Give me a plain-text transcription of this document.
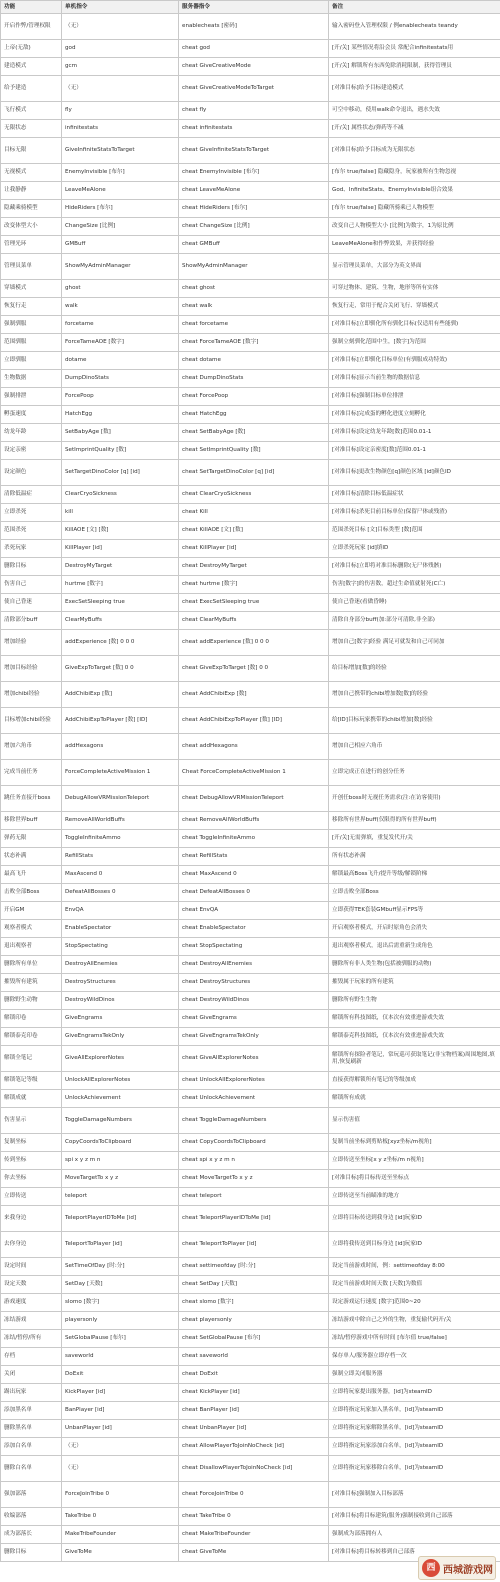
功能	单机指令	服务器指令	备注
开启作弊/管理权限	（无）	enablecheats [密码]	输入密码登入管理权限 / 例enablecheats teandy
上帝(无敌)	god	cheat god	[开/关] 某些情况将沿会员 常配合infinitestats用
建造模式	gcm	cheat GiveCreativeMode	[开/关] 解锁所有东西免除消耗限制，获得管理员
给予建造	（无）	cheat GiveCreativeModeToTarget	[对准目标]给予目标建造模式
飞行模式	fly	cheat fly	可空中移动，使用walk命令退出，遇水失效
无限状态	infinitestats	cheat infinitestats	[开/关] 属性状态/弹药等不减
目标无限	GiveInfiniteStatsToTarget	cheat GiveInfiniteStatsToTarget	[对准目标]给予目标成为无限状态
无视模式	EnemyInvisible [布尔]	cheat EnemyInvisible [布尔]	[布尔 true/false] 隐藏隐身，玩家被所有生物忽视
让我静静	LeaveMeAlone	cheat LeaveMeAlone	God、InfiniteStats、EnemyInvisible组合效果
隐藏乘骑模型	HideRiders [布尔]	cheat HideRiders [布尔]	[布尔 true/false] 隐藏所骑乘已人物模型
改变体型大小	ChangeSize [比例]	cheat ChangeSize [比例]	改变自己人物模型大小 [比例]为数字，1为原比例
管理光环	GMBuff	cheat GMBuff	LeaveMeAlone和作弊效果，并获得经验
管理员菜单	ShowMyAdminManager	ShowMyAdminManager	显示管理员菜单，大部分为英文界面
穿墙模式	ghost	cheat ghost	可穿过物体、建筑、生物，地形等所有实体
恢复行走	walk	cheat walk	恢复行走，常用于配合关闭飞行、穿墙模式
强制驯服	forcetame	cheat forcetame	[对准目标]立即驯化所有驯化目标(仅适用有些能驯)
范围驯服	ForceTameAOE [数字]	cheat ForceTameAOE [数字]	强制立刻驯化范围中生，[数字]为范围
立即驯服	dotame	cheat dotame	[对准目标]立即驯化目标单位(有驯服成功特效)
生物数据	DumpDinoStats	cheat DumpDinoStats	[对准目标]显示当前生物的数据信息
强制排泄	ForcePoop	cheat ForcePoop	[对准目标]强制目标单位排泄
孵蛋速度	HatchEgg	cheat HatchEgg	[对准目标]完成蛋的孵化进度立刻孵化
幼龙年龄	SetBabyAge [数]	cheat SetBabyAge [数]	[对准目标]设定幼龙年龄[数]范围0.01-1
设定亲密	SetImprintQuality [数]	cheat SetImprintQuality [数]	[对准目标]设定亲密度[数]范围0.01-1
设定颜色	SetTargetDinoColor [q] [id]	cheat SetTargetDinoColor [q] [id]	[对准目标]更改生物颜色[q]颜色区域 [id]颜色ID
清除低温症	ClearCryoSickness	cheat ClearCryoSickness	[对准目标]清除目标低温症状
立即杀死	kill	cheat Kill	[对准目标]杀死目前目标单位(保留尸体或残渣)
范围杀死	KillAOE [文] [数]	cheat KillAOE [文] [数]	范围杀死目标 [文]目标类型 [数]范围
杀死玩家	KillPlayer [id]	cheat KillPlayer [id]	立即杀死玩家 [id]填ID
删除目标	DestroyMyTarget	cheat DestroyMyTarget	[对准目标]立即将对准目标删除(无尸体残骸)
伤害自己	hurtme [数字]	cheat hurtme [数字]	伤害[数字]的伤害数，超过生命值就射死(C亡)
使自己昏迷	ExecSetSleeping true	cheat ExecSetSleeping true	使自己昏迷(看做昏睡)
清除部分buff	ClearMyBuffs	cheat ClearMyBuffs	清除自身部分buff(加:部分可清除,非全部)
增加经验	addExperience [数] 0 0 0	cheat addExperience [数] 0 0 0	增加自己[数字]经验 满足可就发和自己可同加
增加目标经验	GiveExpToTarget [数] 0 0	cheat GiveExpToTarget [数] 0 0	给目标增加[数]的经验
增加chibi经验	AddChibiExp [数]	cheat AddChibiExp [数]	增加自己携带的chibi增加数[数]的经验
目标增加chibi经验	AddChibiExpToPlayer [数] [ID]	cheat AddChibiExpToPlayer [数] [ID]	给[ID]目标玩家携带的chibi增加[数]经验
增加六角币	addHexagons	cheat addHexagons	增加自己相应六角币
完成当前任务	ForceCompleteActiveMission 1	Cheat ForceCompleteActiveMission 1	立即完成正在进行的创分任务
跳任务直接开boss	DebugAllowVRMissionTeleport	cheat DebugAllowVRMissionTeleport	开创任boss时无视任务需求(注:在访客使用)
移除世界buff	RemoveAllWorldBuffs	cheat RemoveAllWorldBuffs	移除所有世界buff(仅限得的所有世界buff)
弹药无限	ToggleInfiniteAmmo	cheat ToggleInfiniteAmmo	[开/关]无需弹填，重复发代开/关
状态补满	RefillStats	cheat RefillStats	所有状态补满
最高飞升	MaxAscend 0	cheat MaxAscend 0	解锁最高Boss飞升/提升等级/解锁阶梯
击败全部Boss	DefeatAllBosses 0	cheat DefeatAllBosses 0	立即击败全部Boss
开启GM	EnvQA	cheat EnvQA	立即获得TEK套装GMbuff显示FPS等
观察者模式	EnableSpectator	cheat EnableSpectator	开启观察者模式，开启时原角色会消失
退出观察者	StopSpectating	cheat StopSpectating	退出观察者模式，退出后需重新生成角色
删除所有单位	DestroyAllEnemies	cheat DestroyAllEnemies	删除所有非人类生物(包括被驯服的动物)
摧毁所有建筑	DestroyStructures	cheat DestroyStructures	摧毁属于玩家的所有建筑
删除野生动物	DestroyWildDinos	cheat DestroyWildDinos	删除所有野生生物
解锁印卷	GiveEngrams	cheat GiveEngrams	解锁所有科技图纸，仅本次有效重进游戏失效
解锁泰克印卷	GiveEngramsTekOnly	cheat GiveEngramsTekOnly	解锁泰克科技图纸，仅本次有效重进游戏失效
解锁全笔记	GiveAllExplorerNotes	cheat GiveAllExplorerNotes	解锁所有探险者笔记，常玩巡可获取笔记(非宝物档案)周围地图,填用,恢复刷新
解锁笔记等级	UnlockAllExplorerNotes	cheat UnlockAllExplorerNotes	直接获得解锁所有笔记的等级加成
解锁成就	UnlockAchievement	cheat UnlockAchievement	解锁所有成就
伤害显示	ToggleDamageNumbers	cheat ToggleDamageNumbers	显示伤害值
复制坐标	CopyCoordsToClipboard	cheat CopyCoordsToClipboard	复制当前坐标到剪贴板[xyz坐标/m视角]
传到坐标	spi x y z m n	cheat spi x y z m n	立即传送至坐标[x y z坐标/m n视角]
你去坐标	MoveTargetTo x y z	cheat MoveTargetTo x y z	[对准目标]将目标传送至坐标点
立即传送	teleport	cheat teleport	立即传送至当前瞄准的地方
来我身边	TeleportPlayerIDToMe [id]	cheat TeleportPlayerIDToMe [id]	立即将目标传送到我身边 [id]玩家ID
去你身边	TeleportToPlayer [id]	cheat TeleportToPlayer [id]	立即将我传送到目标身边 [id]玩家ID
设定时间	SetTimeOfDay [时:分]	cheat settimeofday [时:分]	设定当前游戏时间，例：settimeofday 8:00
设定天数	SetDay [天数]	cheat SetDay [天数]	设定当前游戏时间天数 [天数]为数值
游戏速度	slomo [数字]	cheat slomo [数字]	设定游戏运行速度 [数字]范围0~20
冻结游戏	playersonly	cheat playersonly	冻结游戏中除自己之外的生物，重复输代码开/关
冻结/暂停/所有	SetGlobalPause [布尔]	cheat SetGlobalPause [布尔]	冻结/暂停游戏中所有时间 [布尔值 true/false]
存档	saveworld	cheat saveworld	保存单人/服务器立即存档一次
关闭	DoExit	cheat DoExit	强制立即关闭服务器
踢出玩家	KickPlayer [id]	cheat KickPlayer [id]	立即将玩家提出服务器，[id]为steamID
添加黑名单	BanPlayer [id]	cheat BanPlayer [id]	立即将指定玩家加入黑名单，[id]为steamID
删除黑名单	UnbanPlayer [id]	cheat UnbanPlayer [id]	立即将指定玩家解除黑名单，[id]为steamID
添加白名单	（无）	cheat AllowPlayerToJoinNoCheck [id]	立即将指定玩家添加白名单，[id]为steamID
删除白名单	（无）	cheat DisallowPlayerToJoinNoCheck [id]	立即将指定玩家移除白名单，[id]为steamID
强加部落	ForceJoinTribe 0	cheat ForceJoinTribe 0	[对准目标]强制加入目标部落
收编部落	TakeTribe 0	cheat TakeTribe 0	[对准目标]将目标建筑(服务)强制接收到自己部落
成为部落长	MakeTribeFounder	cheat MakeTribeFounder	强制成为部落拥有人
删除目标	GiveToMe	cheat GiveToMe	[对准目标]将目标转移到自己部落
西 西城游戏网
